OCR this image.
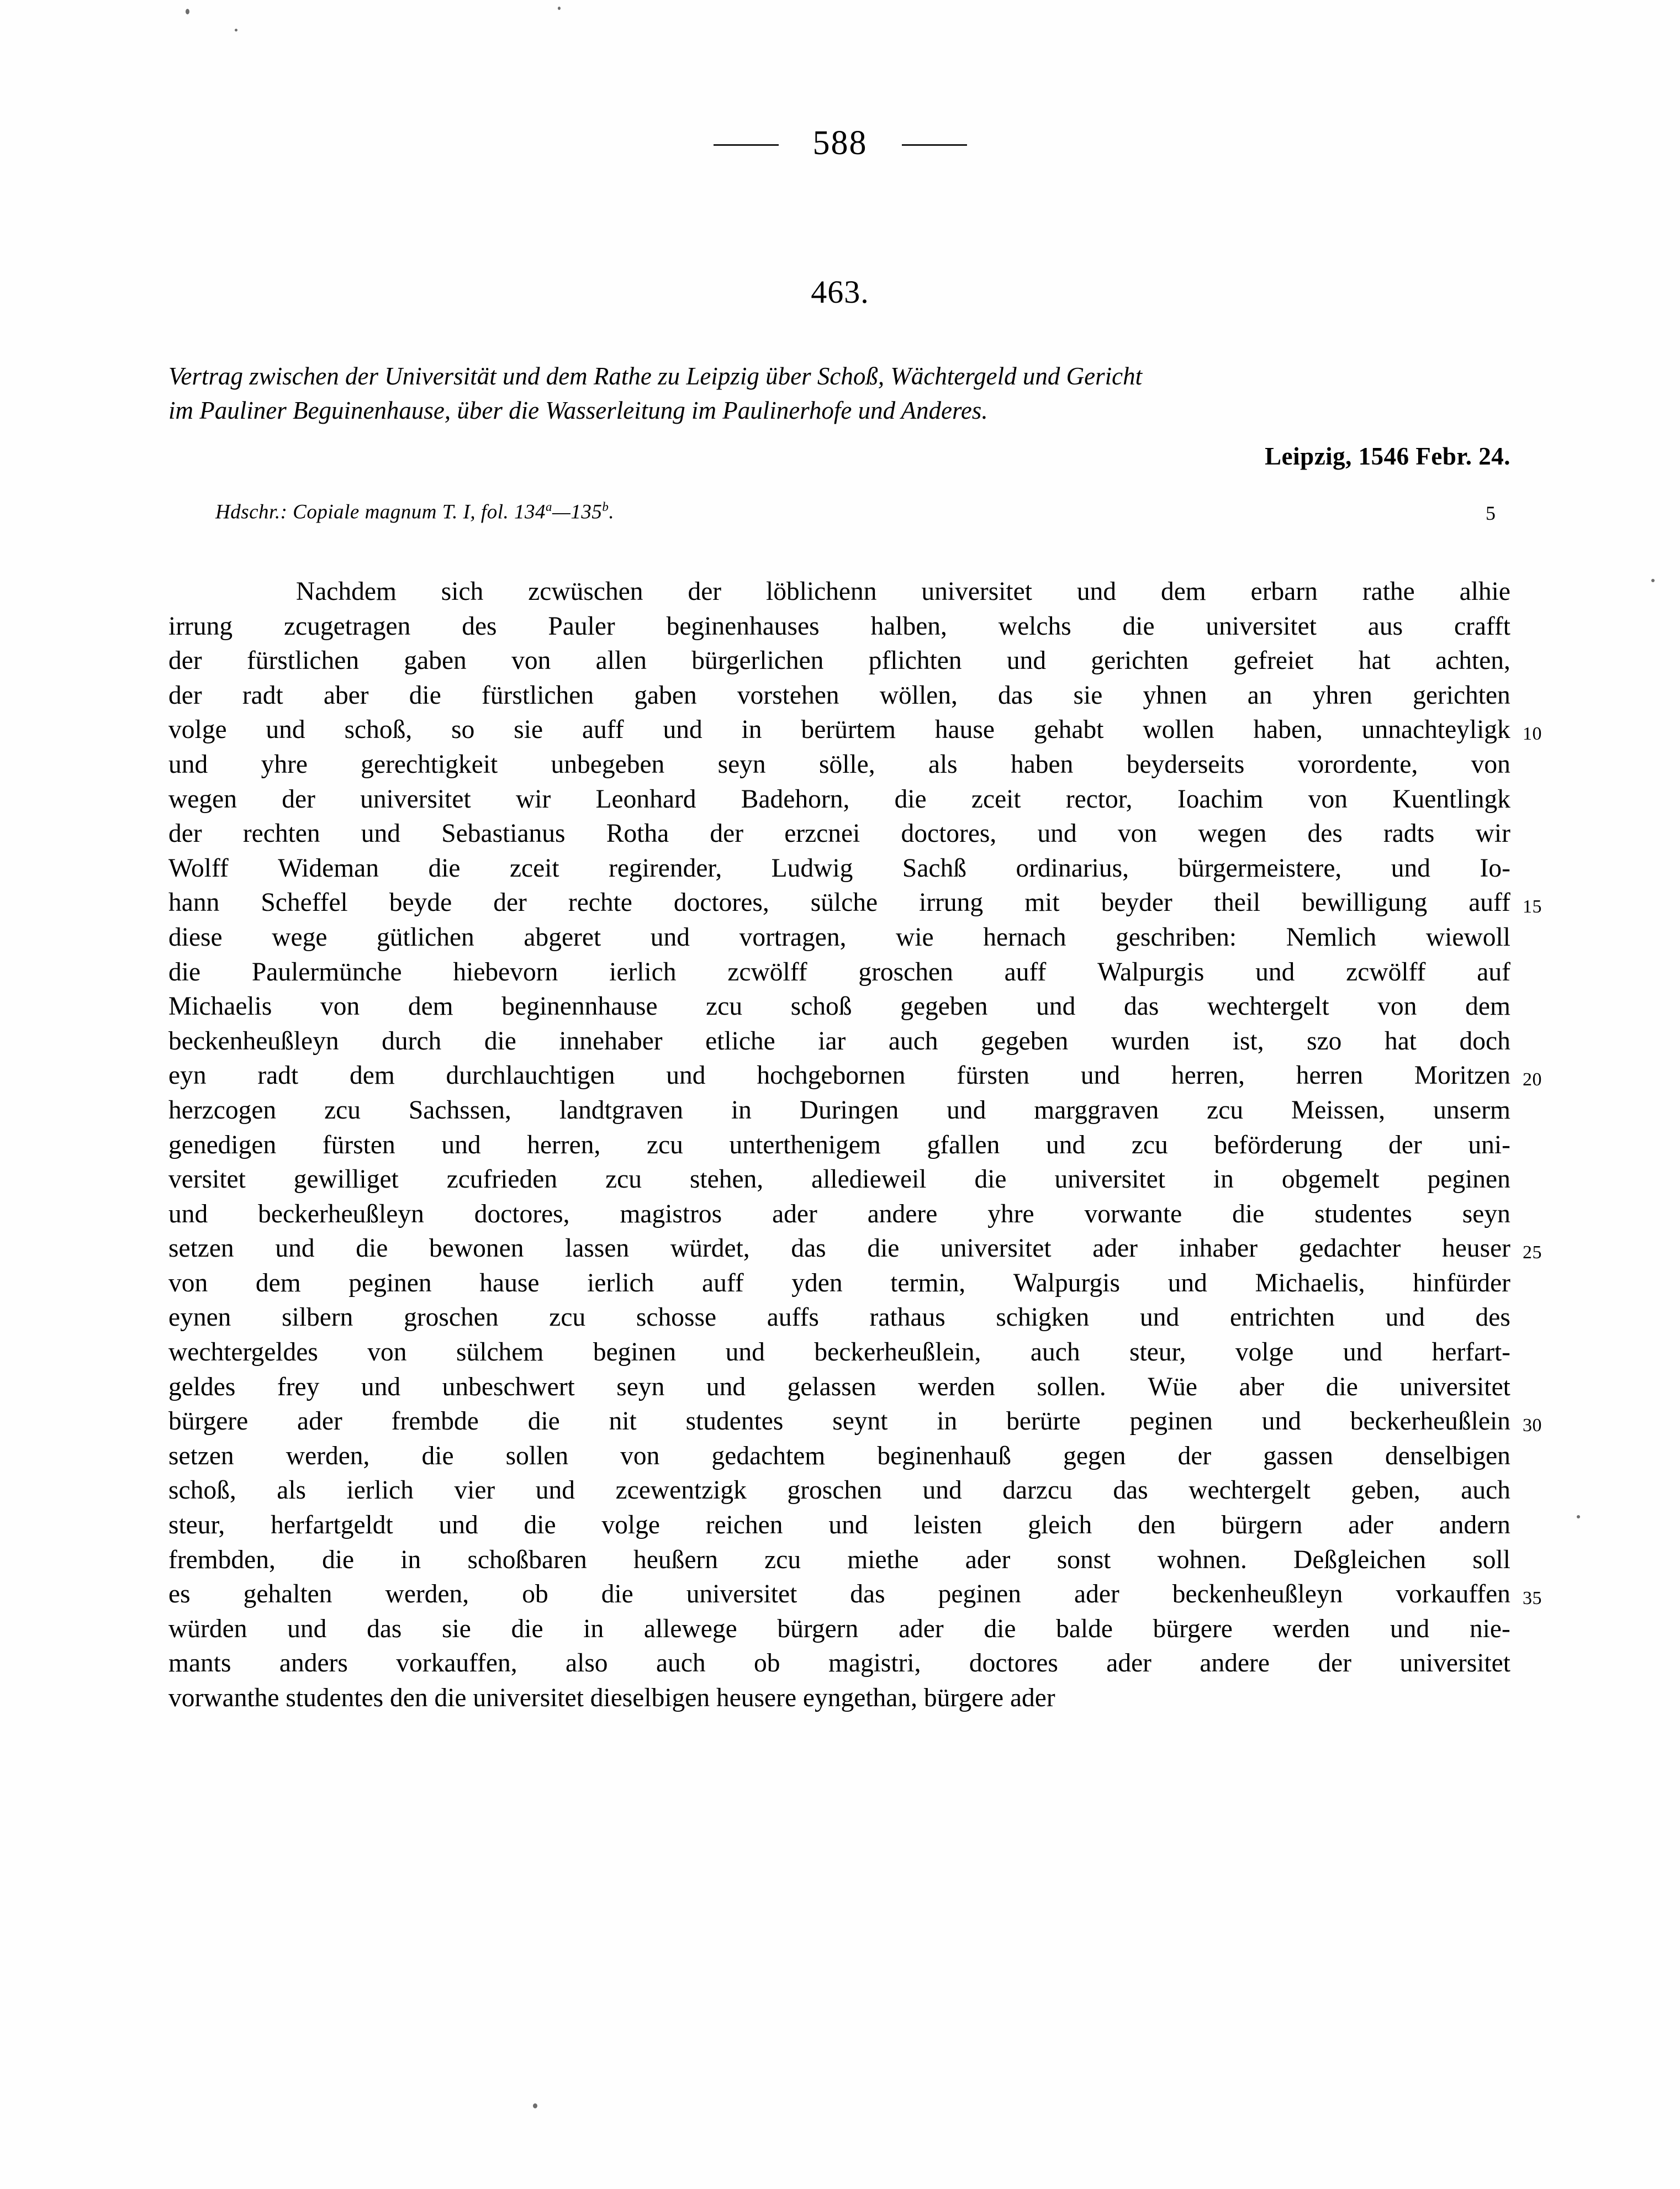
588
463.
Vertrag zwischen der Universität und dem Rathe zu Leipzig über Schoß, Wächtergeld und Gericht
im Pauliner Beguinenhause, über die Wasserleitung im Paulinerhofe und Anderes.
Leipzig, 1546 Febr. 24.
Hdschr.: Copiale magnum T. I, fol. 134$^a$—135$^b$.	5
Nachdem sich zcwüschen der löblichenn universitet und dem erbarn rathe alhie
irrung zcugetragen des Pauler beginenhauses halben, welchs die universitet aus crafft
der fürstlichen gaben von allen bürgerlichen pflichten und gerichten gefreiet hat achten,
der radt aber die fürstlichen gaben vorstehen wöllen, das sie yhnen an yhren gerichten
volge und schoß, so sie auff und in berürtem hause gehabt wollen haben, unnachteyligk 10
und yhre gerechtigkeit unbegeben seyn sölle, als haben beyderseits vorordente, von
wegen der universitet wir Leonhard Badehorn, die zceit rector, Ioachim von Kuentlingk
der rechten und Sebastianus Rotha der erzcnei doctores, und von wegen des radts wir
Wolff Wideman die zceit regirender, Ludwig Sachß ordinarius, bürgermeistere, und Io-
hann Scheffel beyde der rechte doctores, sülche irrung mit beyder theil bewilligung auff 15
diese wege gütlichen abgeret und vortragen, wie hernach geschriben: Nemlich wiewoll
die Paulermünche hiebevorn ierlich zcwölff groschen auff Walpurgis und zcwölff auf
Michaelis von dem beginennhause zcu schoß gegeben und das wechtergelt von dem
beckenheußleyn durch die innehaber etliche iar auch gegeben wurden ist, szo hat doch
eyn radt dem durchlauchtigen und hochgebornen fürsten und herren, herren Moritzen 20
herzcogen zcu Sachssen, landtgraven in Duringen und marggraven zcu Meissen, unserm
genedigen fürsten und herren, zcu unterthenigem gfallen und zcu beförderung der uni-
versitet gewilliget zcufrieden zcu stehen, alledieweil die universitet in obgemelt peginen
und beckerheußleyn doctores, magistros ader andere yhre vorwante die studentes seyn
setzen und die bewonen lassen würdet, das die universitet ader inhaber gedachter heuser 25
von dem peginen hause ierlich auff yden termin, Walpurgis und Michaelis, hinfürder
eynen silbern groschen zcu schosse auffs rathaus schigken und entrichten und des
wechtergeldes von sülchem beginen und beckerheußlein, auch steur, volge und herfart-
geldes frey und unbeschwert seyn und gelassen werden sollen. Wüe aber die universitet
bürgere ader frembde die nit studentes seynt in berürte peginen und beckerheußlein 30
setzen werden, die sollen von gedachtem beginenhauß gegen der gassen denselbigen
schoß, als ierlich vier und zcewentzigk groschen und darzcu das wechtergelt geben, auch
steur, herfartgeldt und die volge reichen und leisten gleich den bürgern ader andern
frembden, die in schoßbaren heußern zcu miethe ader sonst wohnen. Deßgleichen soll
es gehalten werden, ob die universitet das peginen ader beckenheußleyn vorkauffen 35
würden und das sie die in allewege bürgern ader die balde bürgere werden und nie-
mants anders vorkauffen, also auch ob magistri, doctores ader andere der universitet
vorwanthe
studentes
den
die
universitet
dieselbigen
heusere
eyngethan,
bürgere
ader
